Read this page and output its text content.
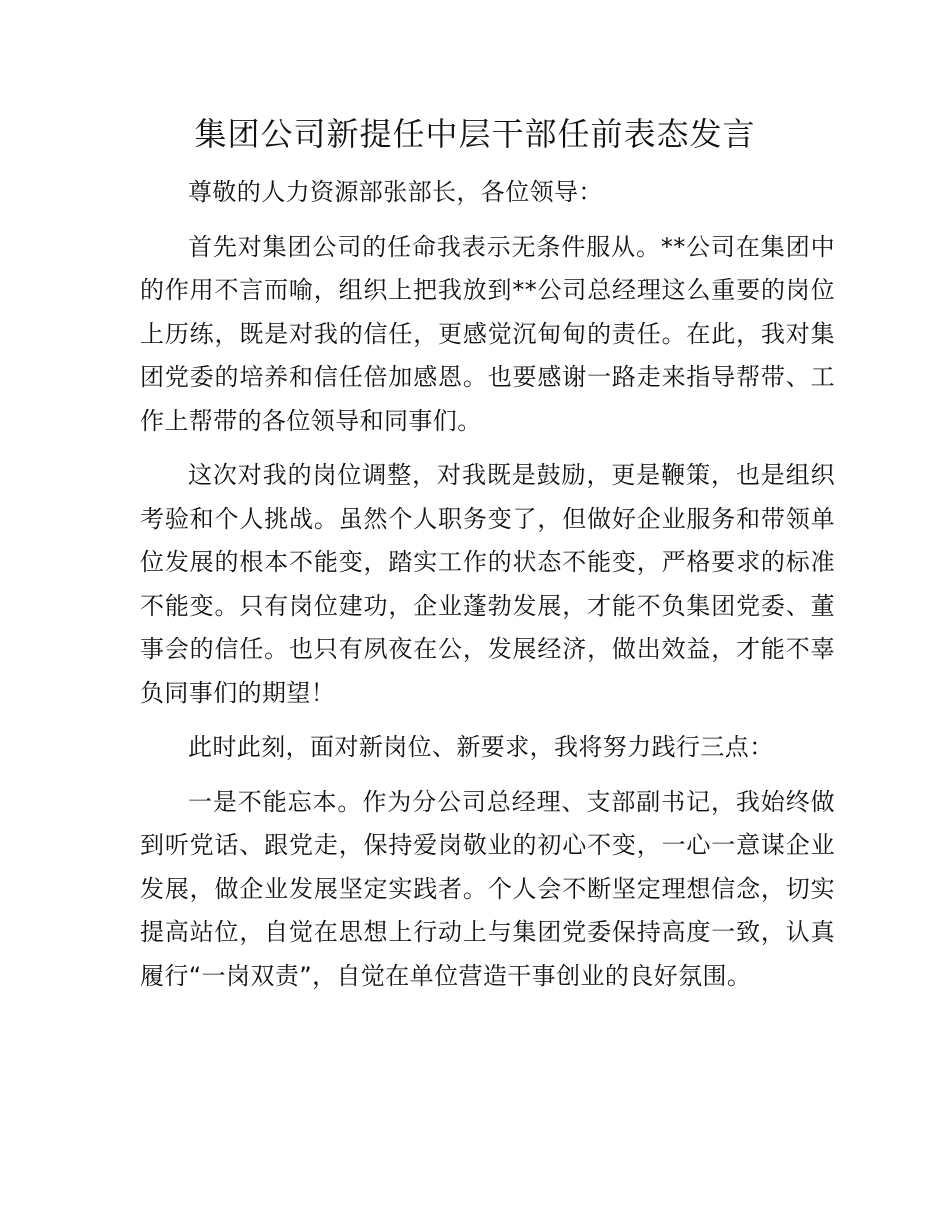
集团公司新提任中层干部任前表态发言

尊敬的人力资源部张部长，各位领导：

首先对集团公司的任命我表示无条件服从。**公司在集团中的作用不言而喻，组织上把我放到**公司总经理这么重要的岗位上历练，既是对我的信任，更感觉沉甸甸的责任。在此，我对集团党委的培养和信任倍加感恩。也要感谢一路走来指导帮带、工作上帮带的各位领导和同事们。

这次对我的岗位调整，对我既是鼓励，更是鞭策，也是组织考验和个人挑战。虽然个人职务变了，但做好企业服务和带领单位发展的根本不能变，踏实工作的状态不能变，严格要求的标准不能变。只有岗位建功，企业蓬勃发展，才能不负集团党委、董事会的信任。也只有夙夜在公，发展经济，做出效益，才能不辜负同事们的期望！

此时此刻，面对新岗位、新要求，我将努力践行三点：

一是不能忘本。作为分公司总经理、支部副书记，我始终做到听党话、跟党走，保持爱岗敬业的初心不变，一心一意谋企业发展，做企业发展坚定实践者。个人会不断坚定理想信念，切实提高站位，自觉在思想上行动上与集团党委保持高度一致，认真履行“一岗双责”，自觉在单位营造干事创业的良好氛围。
